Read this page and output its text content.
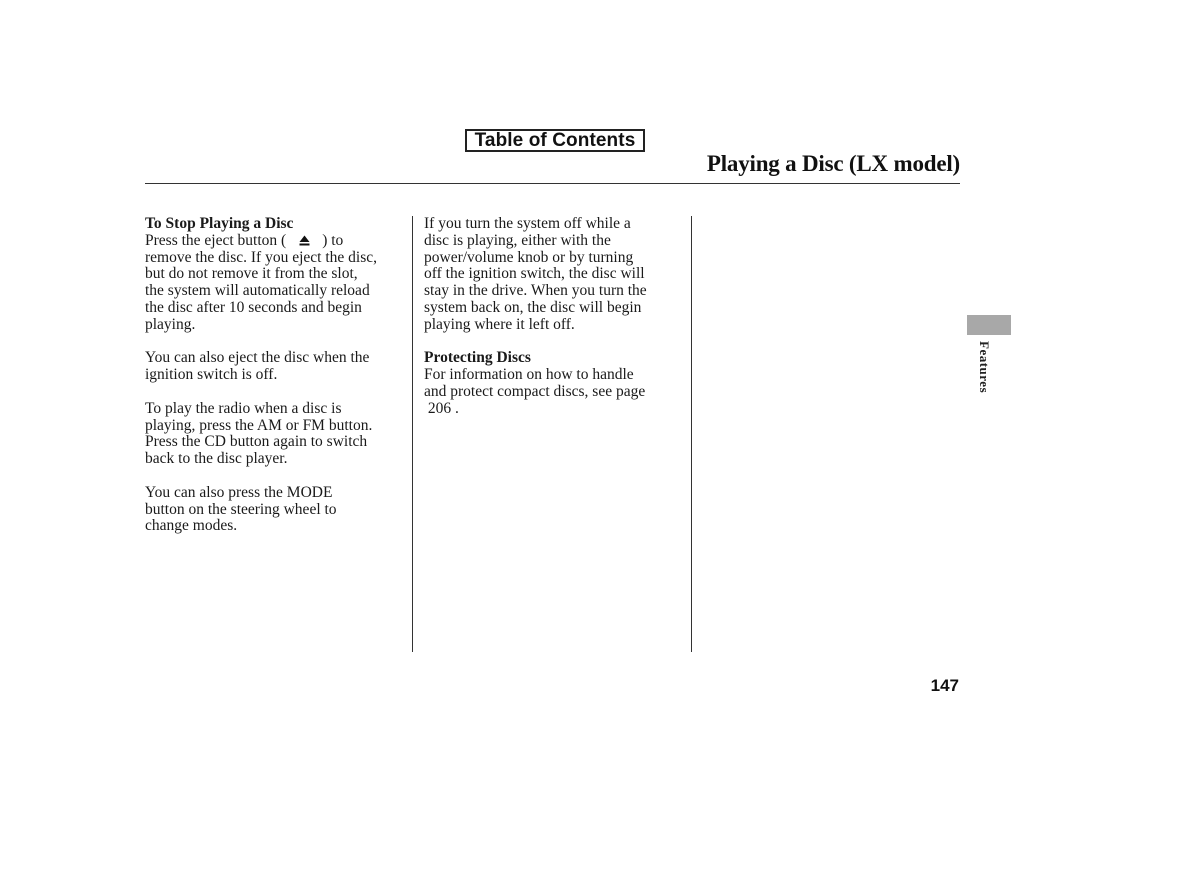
Table of Contents
Playing a Disc (LX model)
To Stop Playing a Disc
Press the eject button ( ) to
remove the disc. If you eject the disc,
but do not remove it from the slot,
the system will automatically reload
the disc after 10 seconds and begin
playing.
You can also eject the disc when the
ignition switch is off.
To play the radio when a disc is
playing, press the AM or FM button.
Press the CD button again to switch
back to the disc player.
You can also press the MODE
button on the steering wheel to
change modes.
If you turn the system off while a
disc is playing, either with the
power/volume knob or by turning
off the ignition switch, the disc will
stay in the drive. When you turn the
system back on, the disc will begin
playing where it left off.
Protecting Discs
For information on how to handle
and protect compact discs, see page
206 .
Features
147
